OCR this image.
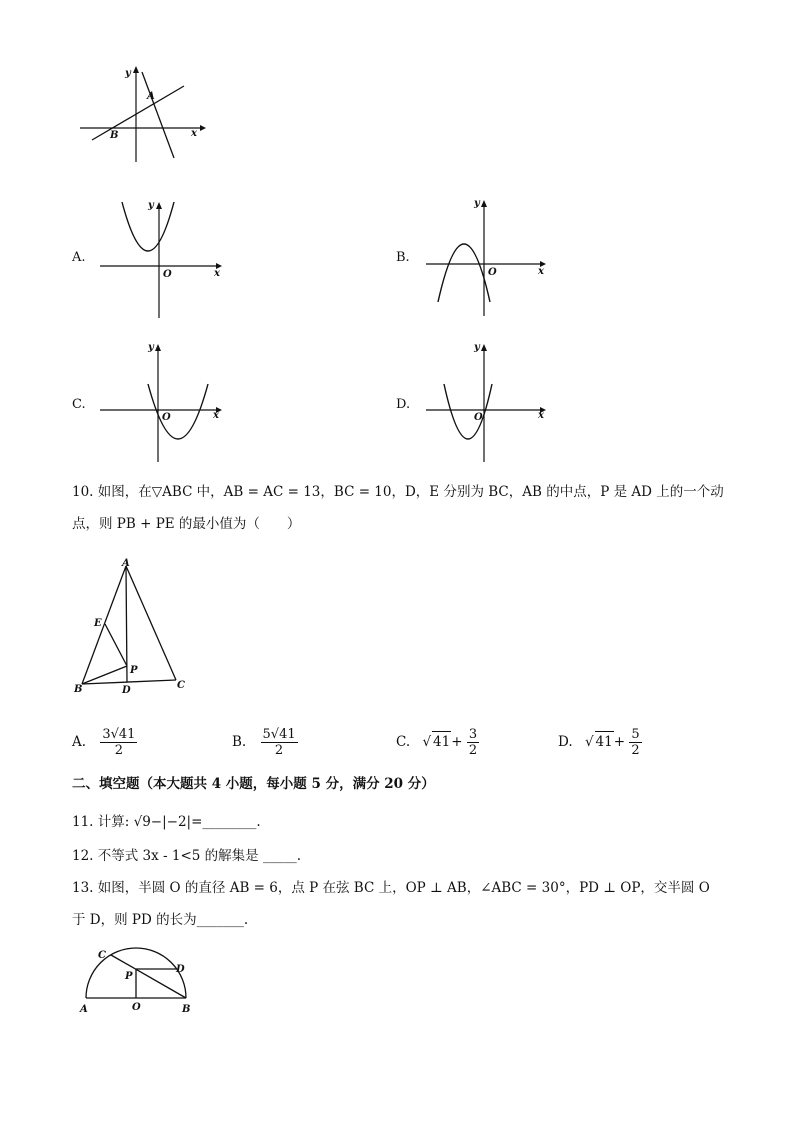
y
x
A
B
A.
y
x
O
B.
y
x
O
C.
y
x
O
D.
y
x
O
10. 如图，在▽ABC 中，AB = AC = 13，BC = 10，D，E 分别为 BC，AB 的中点，P 是 AD 上的一个动
点，则 PB + PE 的最小值为（　　）
A
B	C
D
E
P
A. $\frac{3√41}{2}$	B. $\frac{5√41}{2}$	C. √ $41+ \frac{3}{2}$	D. √ $41+ \frac{5}{2}$
二、填空题（本大题共 4 小题，每小题 5 分，满分 20 分）
11. 计算: √9−|−2|=________.
12. 不等式 3x - 1<5 的解集是 _____.
13. 如图，半圆 O 的直径 AB = 6，点 P 在弦 BC 上，OP ⊥ AB，∠ABC = 30°，PD ⊥ OP，交半圆 O
于 D，则 PD 的长为_______.
C
D
P
A	O	B
